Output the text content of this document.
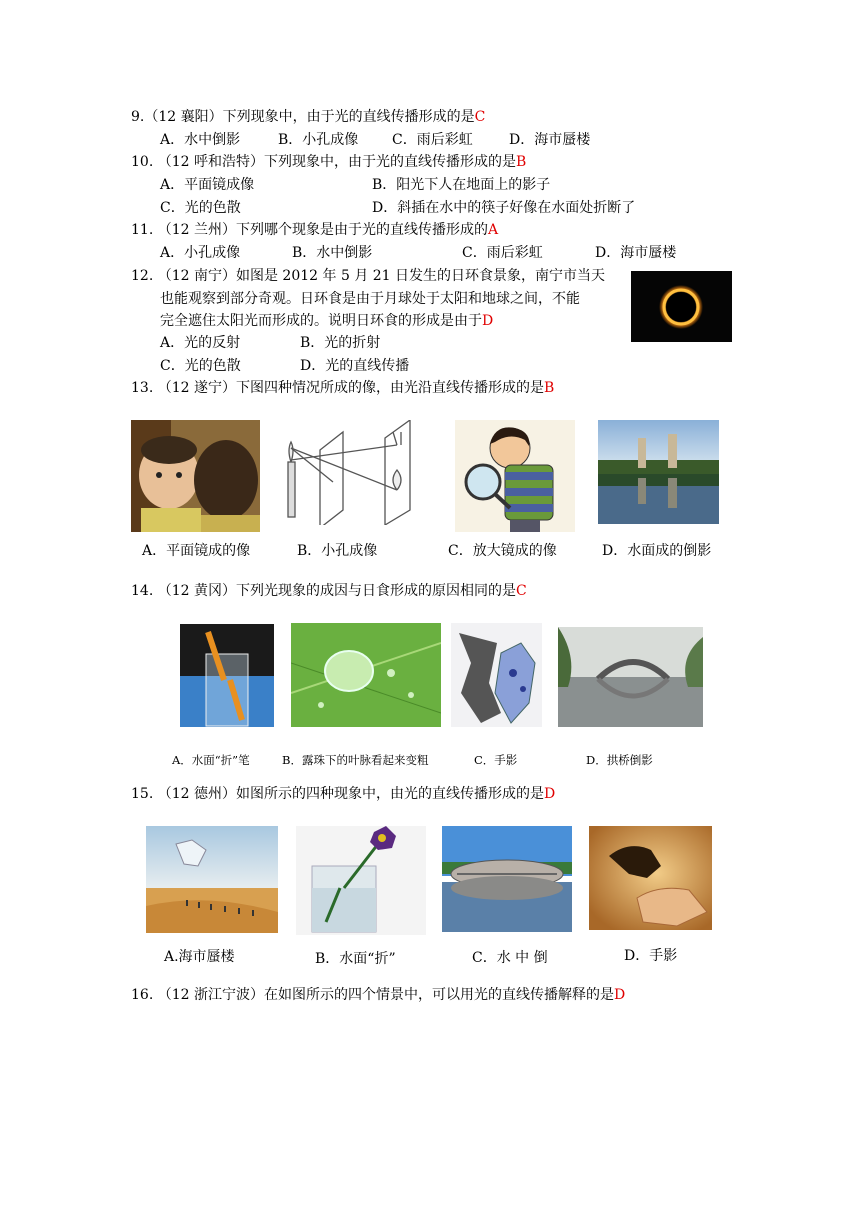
9.（12 襄阳）下列现象中，由于光的直线传播形成的是C
A．水中倒影	B．小孔成像 C．雨后彩虹	D．海市蜃楼
10. （12 呼和浩特）下列现象中，由于光的直线传播形成的是B
A．平面镜成像	B．阳光下人在地面上的影子
C．光的色散	D．斜插在水中的筷子好像在水面处折断了
11. （12 兰州）下列哪个现象是由于光的直线传播形成的A
A．小孔成像	B．水中倒影	C．雨后彩虹	D．海市蜃楼
12. （12 南宁）如图是 2012 年 5 月 21 日发生的日环食景象，南宁市当天
也能观察到部分奇观。日环食是由于月球处于太阳和地球之间，不能
完全遮住太阳光而形成的。说明日环食的形成是由于D
A．光的反射	B．光的折射
C．光的色散	D．光的直线传播
13. （12 遂宁）下图四种情况所成的像，由光沿直线传播形成的是B
A．平面镜成的像	B．小孔成像	C．放大镜成的像	D．水面成的倒影
14. （12 黄冈）下列光现象的成因与日食形成的原因相同的是C
A．水面“折”笔	B．露珠下的叶脉看起来变粗	C．手影	D．拱桥倒影
15. （12 德州）如图所示的四种现象中，由光的直线传播形成的是D
A.海市蜃楼	B．水面“折”	C．水 中 倒	D．手影
16. （12 浙江宁波）在如图所示的四个情景中，可以用光的直线传播解释的是D
